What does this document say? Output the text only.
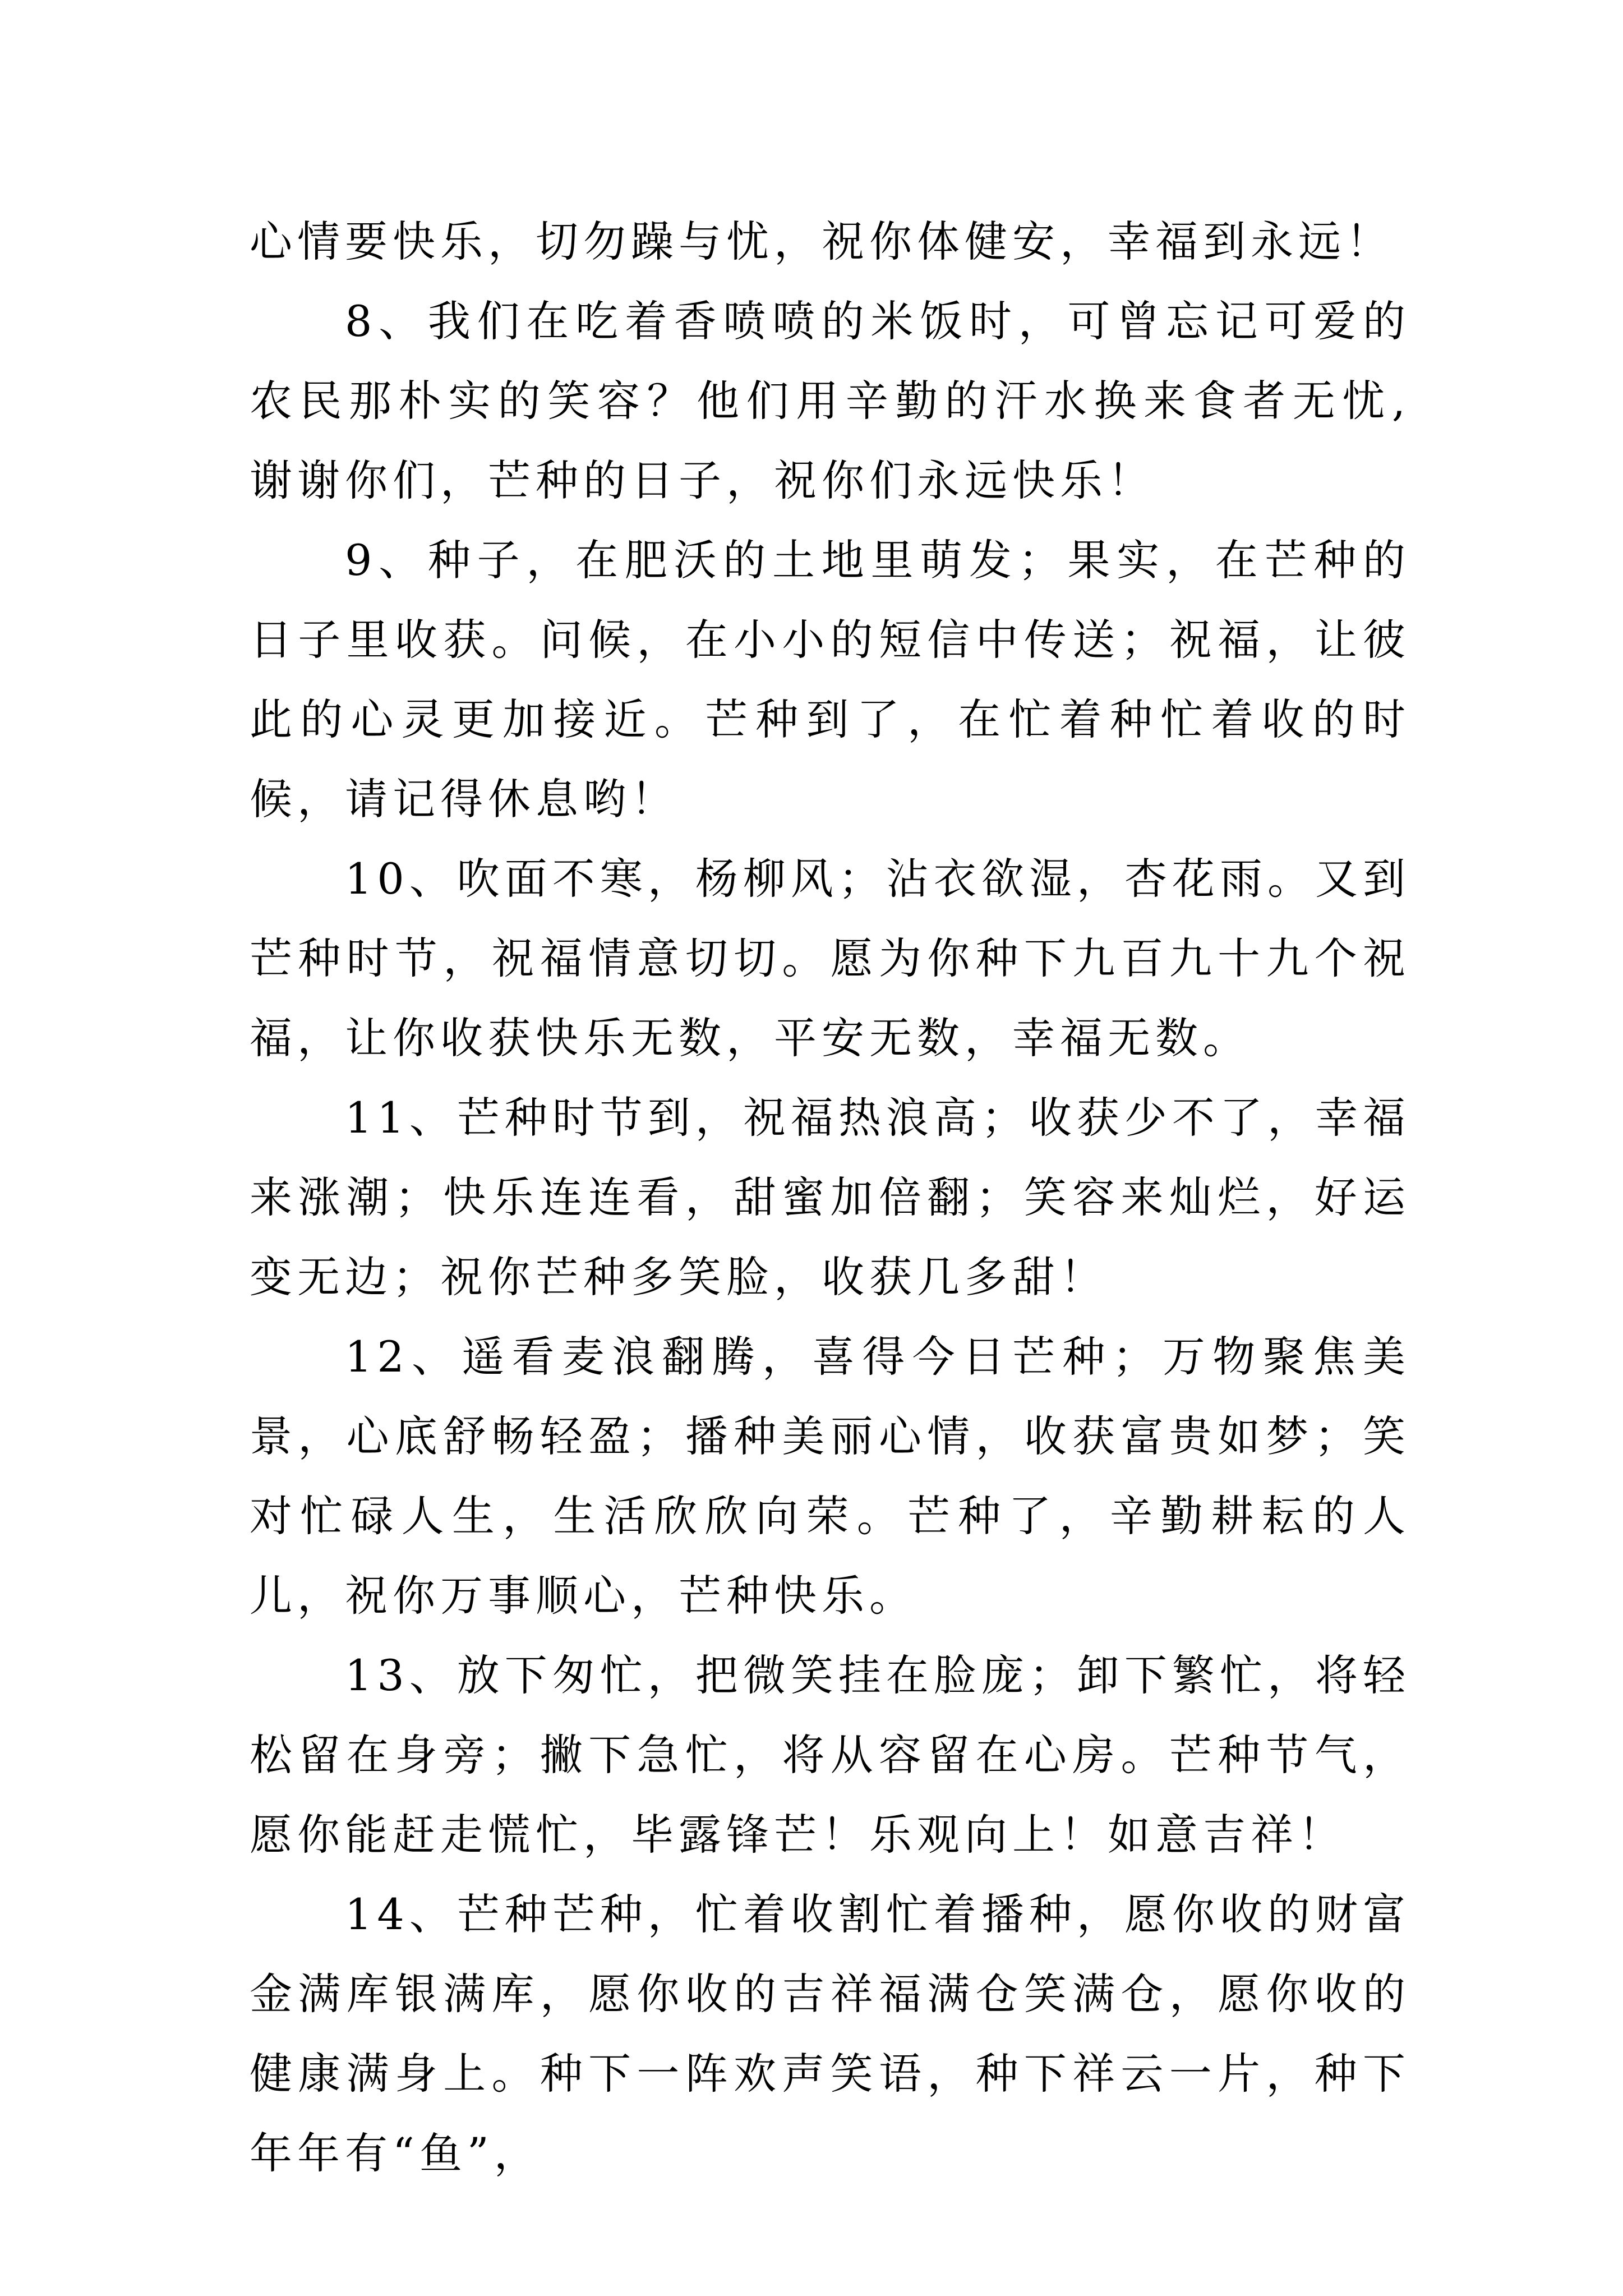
心情要快乐，切勿躁与忧，祝你体健安，幸福到永远！

8、我们在吃着香喷喷的米饭时，可曾忘记可爱的农民那朴实的笑容？他们用辛勤的汗水换来食者无忧,谢谢你们，芒种的日子，祝你们永远快乐！

9、种子，在肥沃的土地里萌发；果实，在芒种的日子里收获。问候，在小小的短信中传送；祝福，让彼此的心灵更加接近。芒种到了，在忙着种忙着收的时候，请记得休息哟！

10、吹面不寒，杨柳风；沾衣欲湿，杏花雨。又到芒种时节，祝福情意切切。愿为你种下九百九十九个祝福，让你收获快乐无数，平安无数，幸福无数。

11、芒种时节到，祝福热浪高；收获少不了，幸福来涨潮；快乐连连看，甜蜜加倍翻；笑容来灿烂，好运变无边；祝你芒种多笑脸，收获几多甜！

12、遥看麦浪翻腾，喜得今日芒种；万物聚焦美景，心底舒畅轻盈；播种美丽心情，收获富贵如梦；笑对忙碌人生，生活欣欣向荣。芒种了，辛勤耕耘的人儿，祝你万事顺心，芒种快乐。

13、放下匆忙，把微笑挂在脸庞；卸下繁忙，将轻松留在身旁；撇下急忙，将从容留在心房。芒种节气，愿你能赶走慌忙，毕露锋芒！乐观向上！如意吉祥！

14、芒种芒种，忙着收割忙着播种，愿你收的财富金满库银满库，愿你收的吉祥福满仓笑满仓，愿你收的健康满身上。种下一阵欢声笑语，种下祥云一片，种下年年有“鱼”，
